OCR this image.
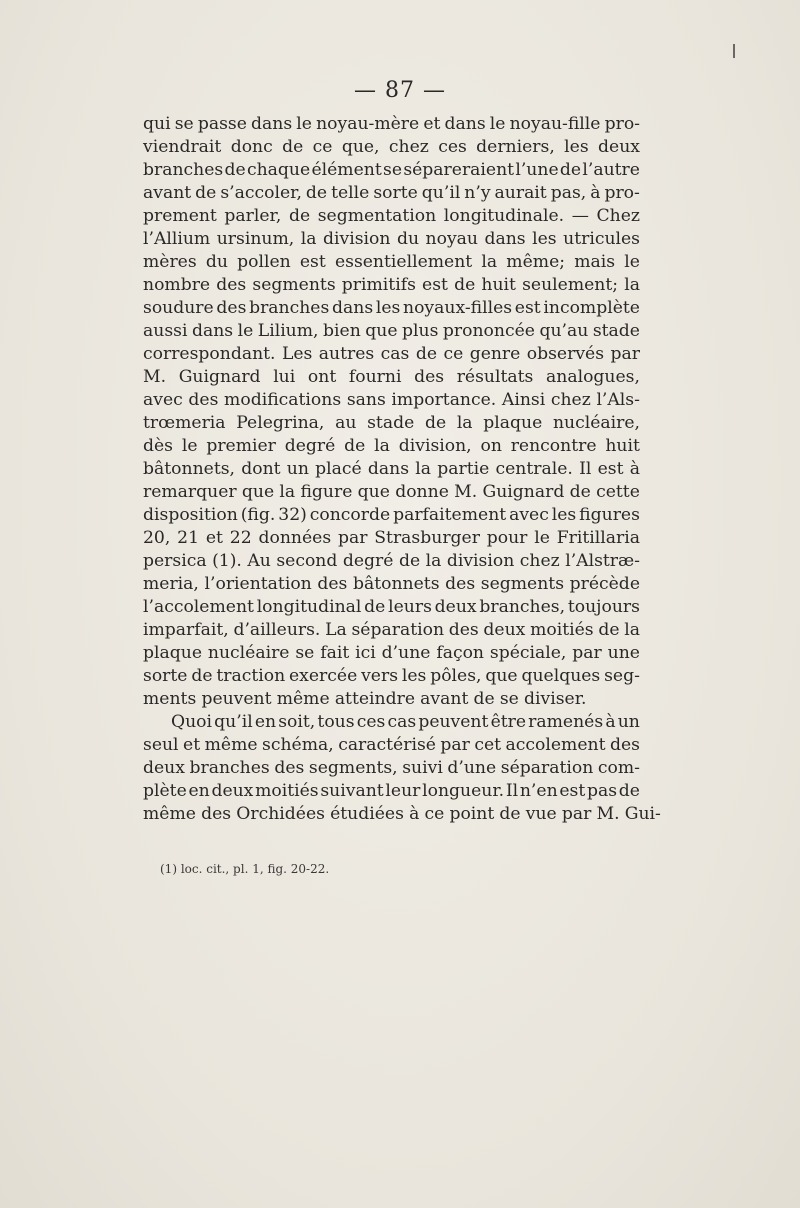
— 87 —
qui se passe dans le noyau-mère et dans le noyau-fille pro-
viendrait donc de ce que, chez ces derniers, les deux
branches de chaque élément se sépareraient l’une de l’autre
avant de s’accoler, de telle sorte qu’il n’y aurait pas, à pro-
prement parler, de segmentation longitudinale. — Chez
l’Allium ursinum, la division du noyau dans les utricules
mères du pollen est essentiellement la même; mais le
nombre des segments primitifs est de huit seulement; la
soudure des branches dans les noyaux-filles est incomplète
aussi dans le Lilium, bien que plus prononcée qu’au stade
correspondant. Les autres cas de ce genre observés par
M. Guignard lui ont fourni des résultats analogues,
avec des modifications sans importance. Ainsi chez l’Als-
trœmeria Pelegrina, au stade de la plaque nucléaire,
dès le premier degré de la division, on rencontre huit
bâtonnets, dont un placé dans la partie centrale. Il est à
remarquer que la figure que donne M. Guignard de cette
disposition (fig. 32) concorde parfaitement avec les figures
20, 21 et 22 données par Strasburger pour le Fritillaria
persica (1). Au second degré de la division chez l’Alstræ-
meria, l’orientation des bâtonnets des segments précède
l’accolement longitudinal de leurs deux branches, toujours
imparfait, d’ailleurs. La séparation des deux moitiés de la
plaque nucléaire se fait ici d’une façon spéciale, par une
sorte de traction exercée vers les pôles, que quelques seg-
ments peuvent même atteindre avant de se diviser.
Quoi qu’il en soit, tous ces cas peuvent être ramenés à un
seul et même schéma, caractérisé par cet accolement des
deux branches des segments, suivi d’une séparation com-
plète en deux moitiés suivant leur longueur. Il n’en est pas de
même des Orchidées étudiées à ce point de vue par M. Gui-
(1) loc. cit., pl. 1, fig. 20-22.
